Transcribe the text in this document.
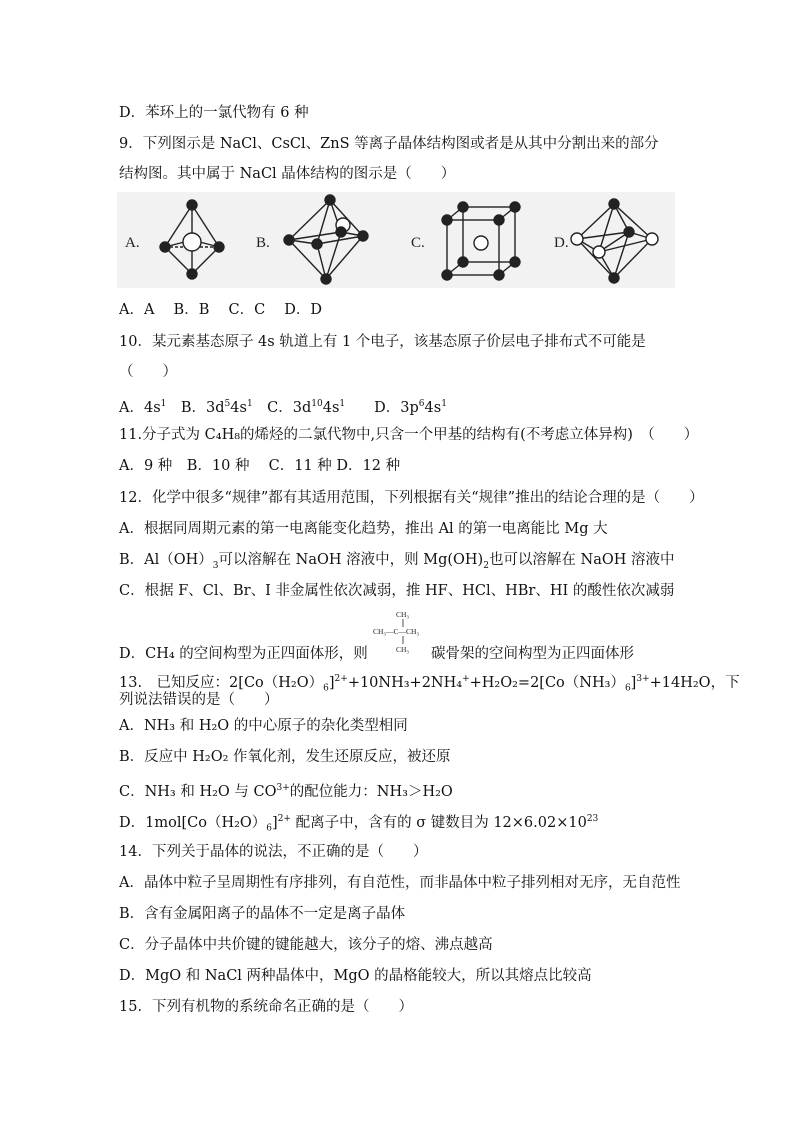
D．苯环上的一氯代物有 6 种
9．下列图示是 NaCl、CsCl、ZnS 等离子晶体结构图或者是从其中分割出来的部分
结构图。其中属于 NaCl 晶体结构的图示是（　　）
A.	B.	C.	D.
A．A　 B．B　 C．C　 D．D
10．某元素基态原子 4s 轨道上有 1 个电子，该基态原子价层电子排布式不可能是
（　　）
A．$4s^1$　B．$3d^54s^1$　C．$3d^{10}4s^1$　　D．$3p^64s^1$
11.分子式为 C₄H₈的烯烃的二氯代物中,只含一个甲基的结构有(不考虑立体异构)　（　　）
A．9 种　B．10 种　 C．11 种 D．12 种
12．化学中很多“规律”都有其适用范围，下列根据有关“规律”推出的结论合理的是（　　）
A．根据同周期元素的第一电离能变化趋势，推出 Al 的第一电离能比 Mg 大
B．$Al(OH)_3$可以溶解在 NaOH 溶液中，则 $Mg(OH)_2$也可以溶解在 NaOH 溶液中
C．根据 F、Cl、Br、I 非金属性依次减弱，推 HF、HCl、HBr、HI 的酸性依次减弱
CH₃
CH₃—C—CH₃
CH₃
D．CH₄ 的空间构型为正四面体形，则	碳骨架的空间构型为正四面体形
13.　已知反应：$2[Co(H_2O)_6]^{2+}+10NH_3+2NH_4^++H_2O_2=2[Co(NH_3)_6]^{3+}+14H_2O$，下
列说法错误的是（　　）
A．NH₃ 和 H₂O 的中心原子的杂化类型相同
B．反应中 H₂O₂ 作氧化剂，发生还原反应，被还原
C．NH₃ 和 H₂O 与 $CO^{3+}$的配位能力：NH₃＞H₂O
D．$1mol[Co(H_2O)_6]^{2+}$ 配离子中，含有的 σ 键数目为 $12\times 6.02\times 10^{23}$
14．下列关于晶体的说法，不正确的是（　　）
A．晶体中粒子呈周期性有序排列，有自范性，而非晶体中粒子排列相对无序，无自范性
B．含有金属阳离子的晶体不一定是离子晶体
C．分子晶体中共价键的键能越大，该分子的熔、沸点越高
D．MgO 和 NaCl 两种晶体中，MgO 的晶格能较大，所以其熔点比较高
15．下列有机物的系统命名正确的是（　　）
